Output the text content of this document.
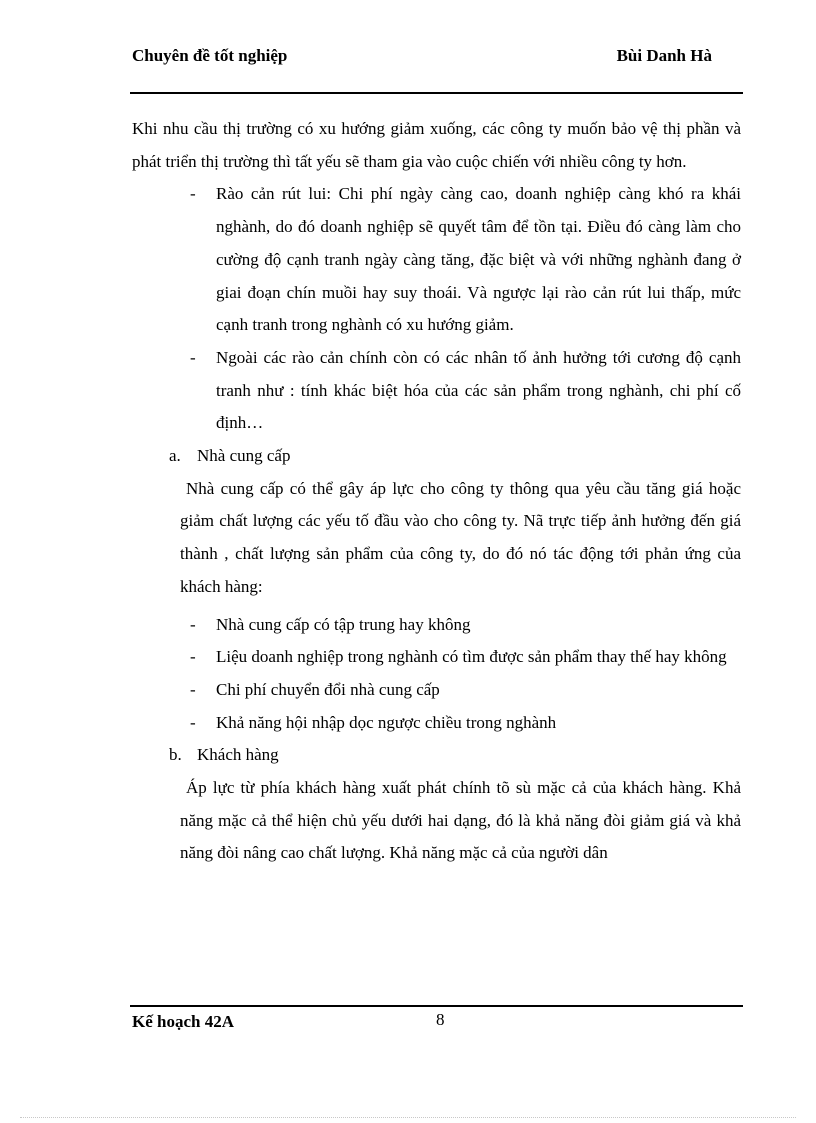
Chuyên đề tốt nghiệp	Bùi Danh Hà

Khi nhu cầu thị trường có xu hướng giảm xuống, các công ty muốn bảo vệ thị phần và phát triển thị trường thì tất yếu sẽ tham gia vào cuộc chiến với nhiều công ty hơn.

- Rào cản rút lui: Chi phí ngày càng cao, doanh nghiệp càng khó ra khái nghành, do đó doanh nghiệp sẽ quyết tâm để tồn tại. Điều đó càng làm cho cường độ cạnh tranh ngày càng tăng, đặc biệt và với những nghành đang ở giai đoạn chín muồi hay suy thoái. Và ngược lại rào cản rút lui thấp, mức cạnh tranh trong nghành có xu hướng giảm.
- Ngoài các rào cản chính còn có các nhân tố ảnh hưởng tới cương độ cạnh tranh như : tính khác biệt hóa của các sản phẩm trong nghành, chi phí cố định…

a. Nhà cung cấp

Nhà cung cấp có thể gây áp lực cho công ty thông qua yêu cầu tăng giá hoặc giảm chất lượng các yếu tố đầu vào cho công ty. Nã trực tiếp ảnh hưởng đến giá thành , chất lượng sản phẩm của công ty, do đó nó tác động tới phản ứng của khách hàng:

- Nhà cung cấp có tập trung hay không
- Liệu doanh nghiệp trong nghành có tìm được sản phẩm thay thế hay không
- Chi phí chuyển đổi nhà cung cấp
- Khả năng hội nhập dọc ngược chiều trong nghành

b. Khách hàng

Áp lực từ phía khách hàng xuất phát chính tõ sù mặc cả của khách hàng. Khả năng mặc cả thể hiện chủ yếu dưới hai dạng, đó là khả năng đòi giảm giá và khả năng đòi nâng cao chất lượng. Khả năng mặc cả của người dân

Kế hoạch 42A	8
